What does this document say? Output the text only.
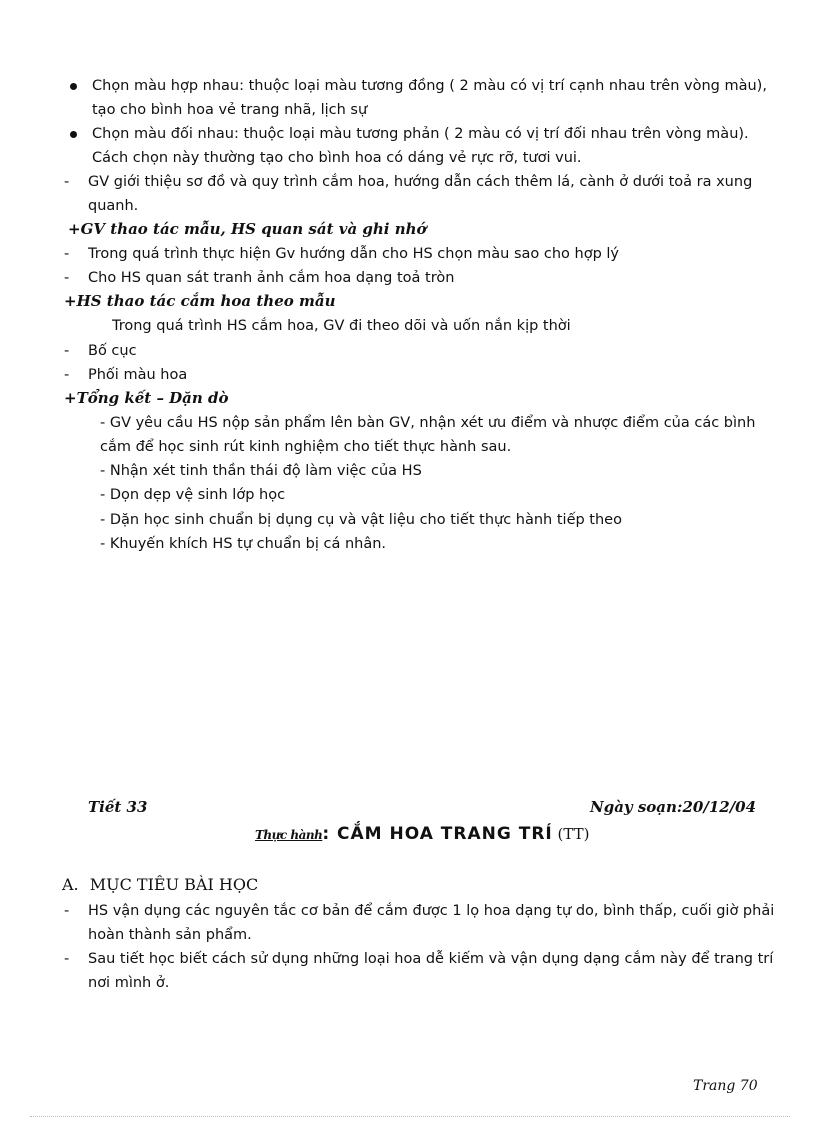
Chọn màu hợp nhau: thuộc loại màu tương đồng ( 2 màu có vị trí cạnh nhau trên vòng màu),
tạo cho bình hoa vẻ trang nhã, lịch sự
Chọn màu đối nhau: thuộc loại màu tương phản ( 2 màu có vị trí đối nhau trên vòng màu).
Cách chọn này thường tạo cho bình hoa có dáng vẻ rực rỡ, tươi vui.
- GV giới thiệu sơ đồ và quy trình cắm hoa, hướng dẫn cách thêm lá, cành ở dưới toả ra xung
quanh.
+GV thao tác mẫu, HS quan sát và ghi nhớ
- Trong quá trình thực hiện Gv hướng dẫn cho HS chọn màu sao cho hợp lý
- Cho HS quan sát tranh ảnh cắm hoa dạng toả tròn
+HS thao tác cắm hoa theo mẫu
Trong quá trình HS cắm hoa, GV đi theo dõi và uốn nắn kịp thời
- Bố cục
- Phối màu hoa
+Tổng kết – Dặn dò
- GV yêu cầu HS nộp sản phẩm lên bàn GV, nhận xét ưu điểm và nhược điểm của các bình
cắm để học sinh rút kinh nghiệm cho tiết thực hành sau.
- Nhận xét tinh thần thái độ làm việc của HS
- Dọn dẹp vệ sinh lớp học
- Dặn học sinh chuẩn bị dụng cụ và vật liệu cho tiết thực hành tiếp theo
- Khuyến khích HS tự chuẩn bị cá nhân.
Tiết 33	Ngày soạn:20/12/04
Thực hành: CẮM HOA TRANG TRÍ (TT)
A. MỤC TIÊU BÀI HỌC
- HS vận dụng các nguyên tắc cơ bản để cắm được 1 lọ hoa dạng tự do, bình thấp, cuối giờ phải
hoàn thành sản phẩm.
- Sau tiết học biết cách sử dụng những loại hoa dễ kiếm và vận dụng dạng cắm này để trang trí
nơi mình ở.
Trang 70
